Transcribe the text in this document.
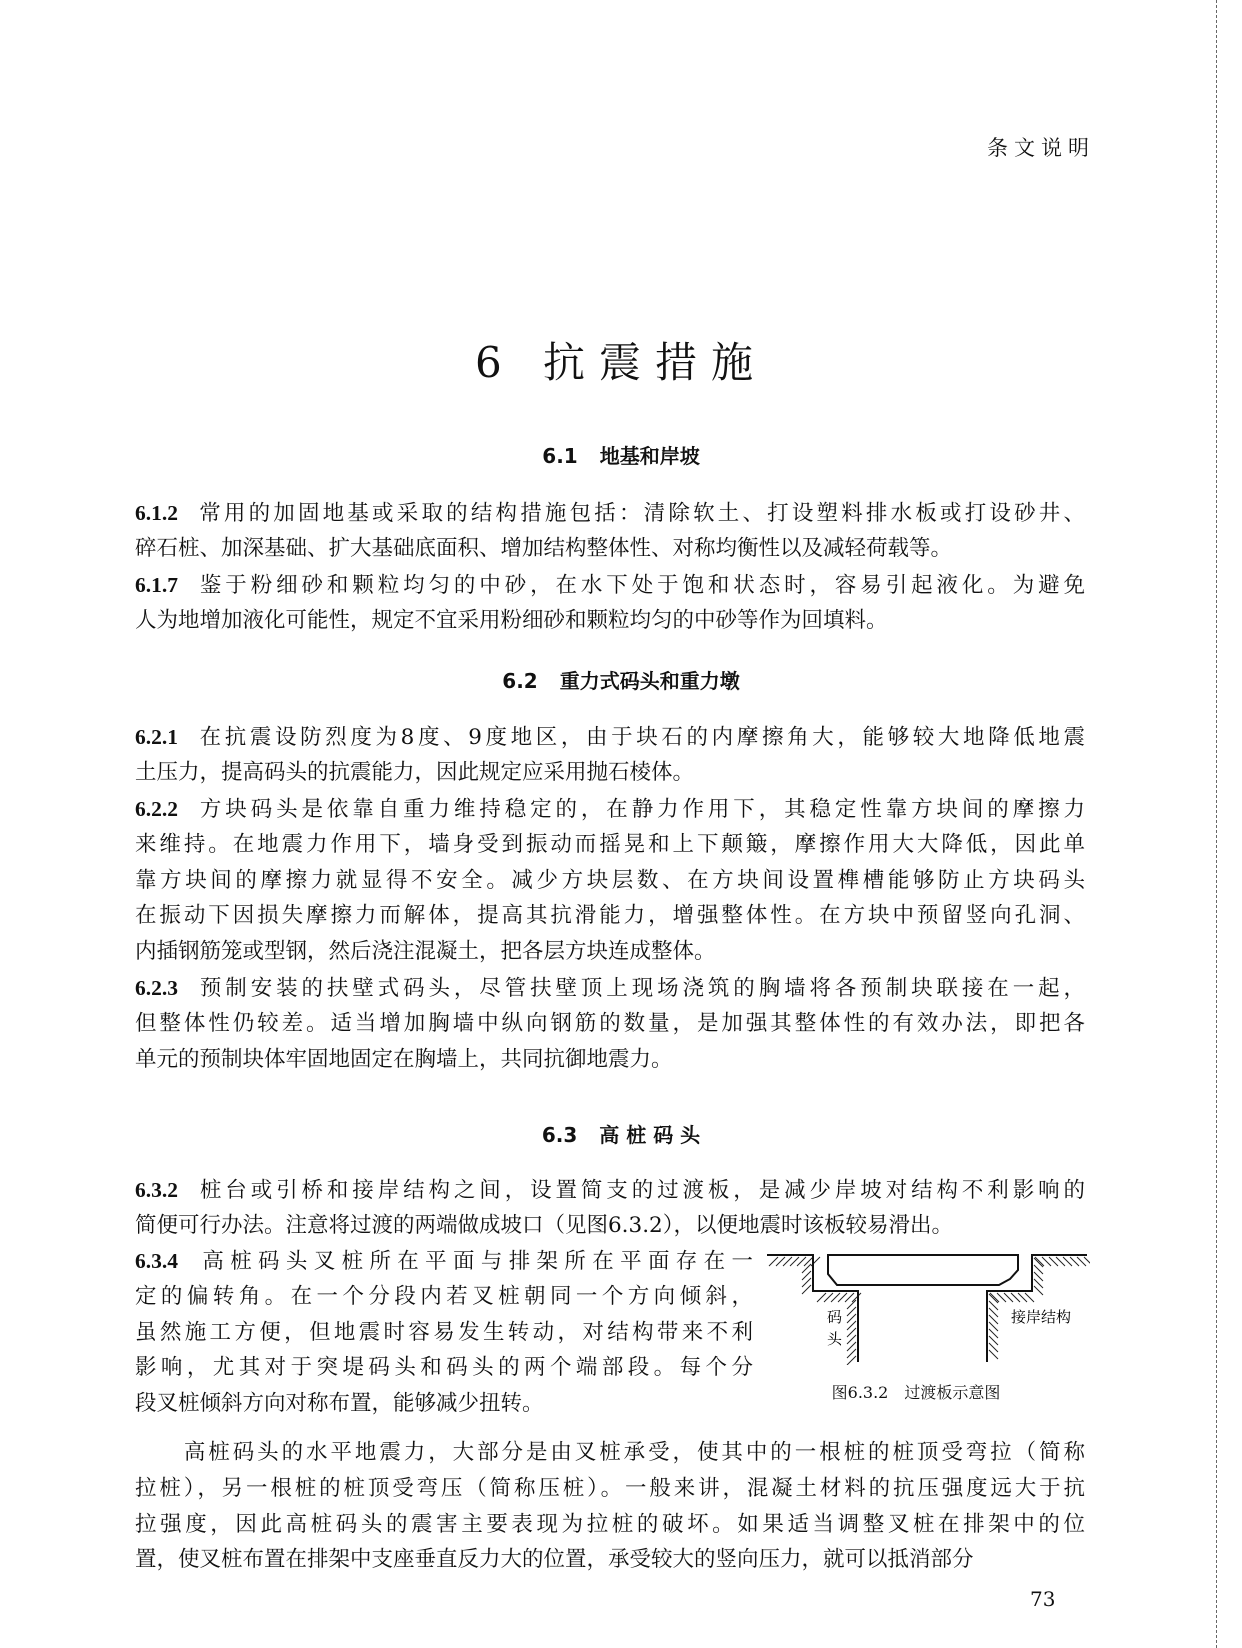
条文说明
6 抗震措施
6.1 地基和岸坡
6.2 重力式码头和重力墩
6.3 高 桩 码 头
6.1.2 常用的加固地基或采取的结构措施包括：清除软土、打设塑料排水板或打设砂井、
碎石桩、加深基础、扩大基础底面积、增加结构整体性、对称均衡性以及减轻荷载等。
6.1.7 鉴于粉细砂和颗粒均匀的中砂，在水下处于饱和状态时，容易引起液化。为避免
人为地增加液化可能性，规定不宜采用粉细砂和颗粒均匀的中砂等作为回填料。
6.2.1 在抗震设防烈度为8度、9度地区，由于块石的内摩擦角大，能够较大地降低地震
土压力，提高码头的抗震能力，因此规定应采用抛石棱体。
6.2.2 方块码头是依靠自重力维持稳定的，在静力作用下，其稳定性靠方块间的摩擦力
来维持。在地震力作用下，墙身受到振动而摇晃和上下颠簸，摩擦作用大大降低，因此单
靠方块间的摩擦力就显得不安全。减少方块层数、在方块间设置榫槽能够防止方块码头
在振动下因损失摩擦力而解体，提高其抗滑能力，增强整体性。在方块中预留竖向孔洞、
内插钢筋笼或型钢，然后浇注混凝土，把各层方块连成整体。
6.2.3 预制安装的扶壁式码头，尽管扶壁顶上现场浇筑的胸墙将各预制块联接在一起，
但整体性仍较差。适当增加胸墙中纵向钢筋的数量，是加强其整体性的有效办法，即把各
单元的预制块体牢固地固定在胸墙上，共同抗御地震力。
6.3.2 桩台或引桥和接岸结构之间，设置简支的过渡板，是减少岸坡对结构不利影响的
简便可行办法。注意将过渡的两端做成坡口（见图6.3.2），以便地震时该板较易滑出。
6.3.4 高桩码头叉桩所在平面与排架所在平面存在一
定的偏转角。在一个分段内若叉桩朝同一个方向倾斜，
虽然施工方便，但地震时容易发生转动，对结构带来不利
影响，尤其对于突堤码头和码头的两个端部段。每个分
段叉桩倾斜方向对称布置，能够减少扭转。
　　高桩码头的水平地震力，大部分是由叉桩承受，使其中的一根桩的桩顶受弯拉（简称
拉桩），另一根桩的桩顶受弯压（简称压桩）。一般来讲，混凝土材料的抗压强度远大于抗
拉强度，因此高桩码头的震害主要表现为拉桩的破坏。如果适当调整叉桩在排架中的位
置，使叉桩布置在排架中支座垂直反力大的位置，承受较大的竖向压力，就可以抵消部分
码
头
接岸结构
图6.3.2　过渡板示意图
73
